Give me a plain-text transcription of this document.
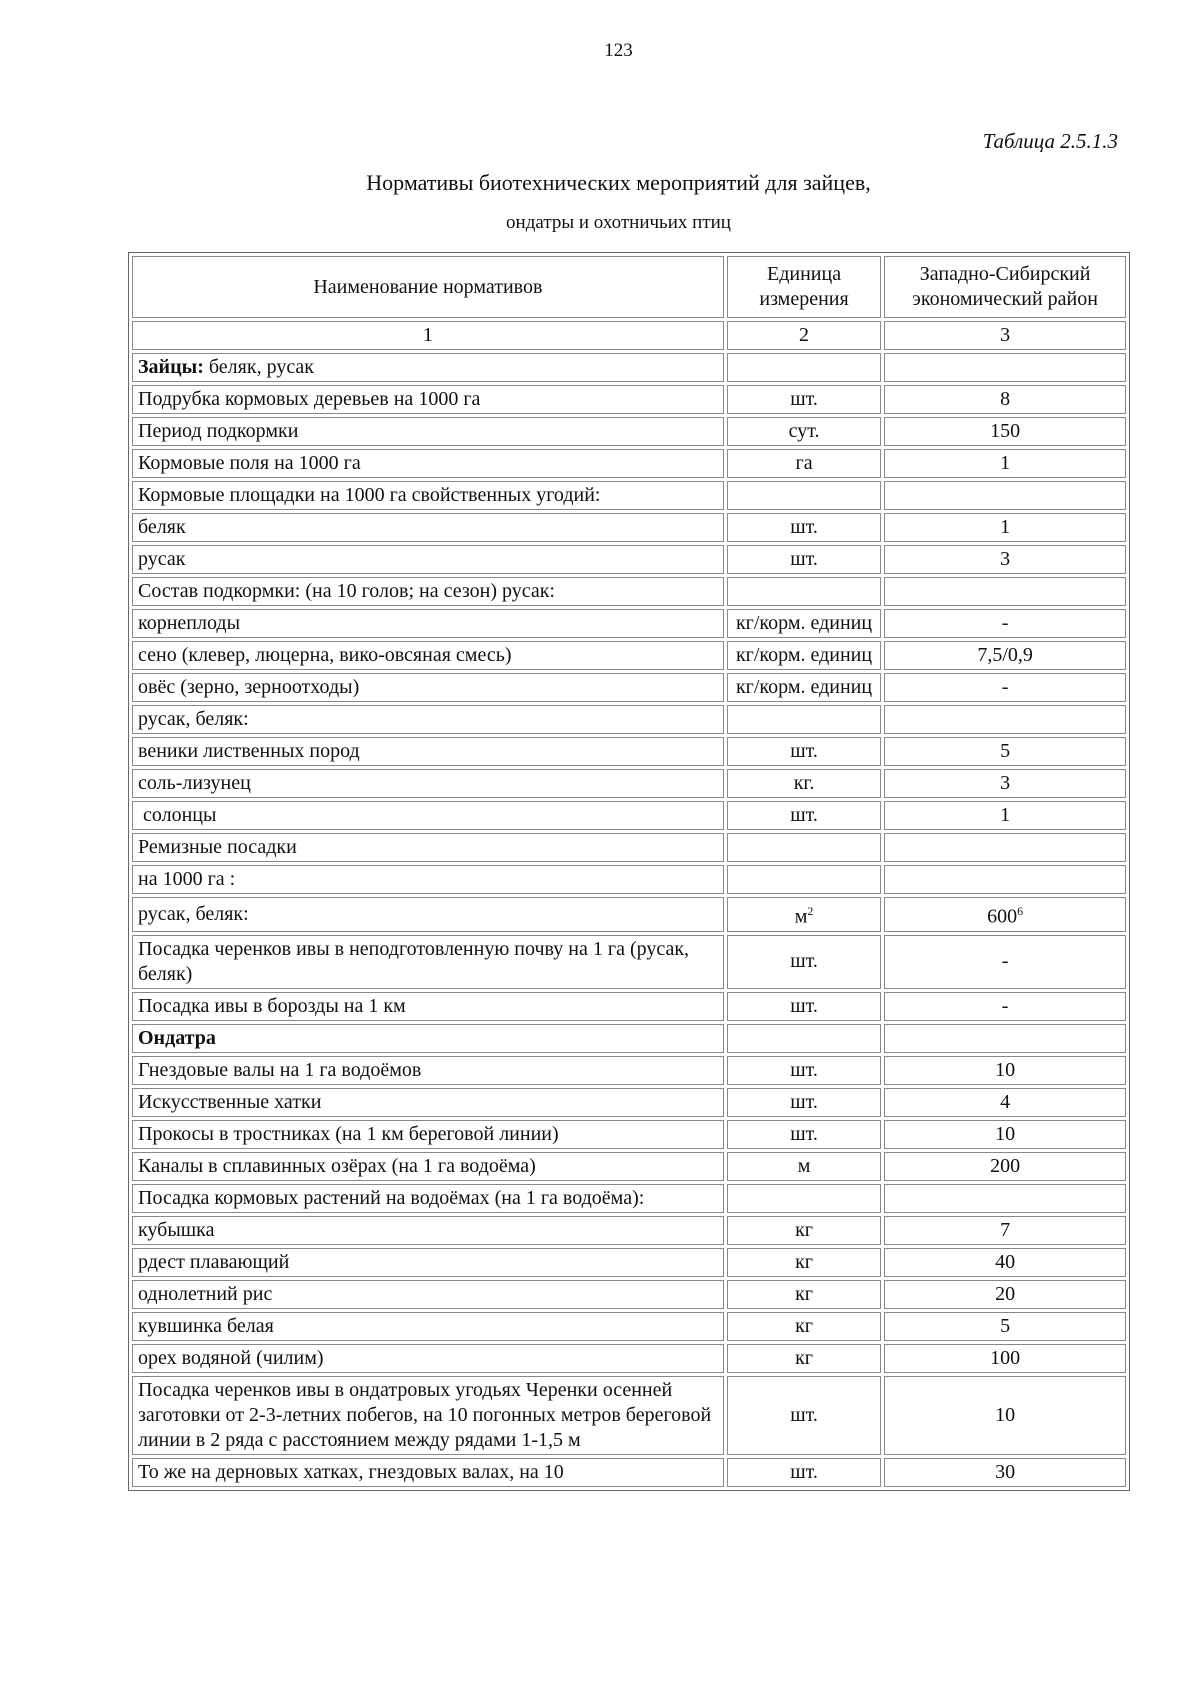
123
Таблица 2.5.1.3
Нормативы биотехнических мероприятий для зайцев,
ондатры и охотничьих птиц
Наименование нормативов	Единица измерения	Западно-Сибирский экономический район
1	2	3
Зайцы: беляк, русак		
Подрубка кормовых деревьев на 1000 га	шт.	8
Период подкормки	сут.	150
Кормовые поля на 1000 га	га	1
Кормовые площадки на 1000 га свойственных угодий:		
беляк	шт.	1
русак	шт.	3
Состав подкормки: (на 10 голов; на сезон) русак:		
корнеплоды	кг/корм. единиц	-
сено (клевер, люцерна, вико-овсяная смесь)	кг/корм. единиц	7,5/0,9
овёс (зерно, зерноотходы)	кг/корм. единиц	-
русак, беляк:		
веники лиственных пород	шт.	5
соль-лизунец	кг.	3
солонцы	шт.	1
Ремизные посадки		
на 1000 га :		
русак, беляк:	$м^2$	$600^6$
Посадка черенков ивы в неподготовленную почву на 1 га (русак, беляк)	шт.	-
Посадка ивы в борозды на 1 км	шт.	-
Ондатра		
Гнездовые валы на 1 га водоёмов	шт.	10
Искусственные хатки	шт.	4
Прокосы в тростниках (на 1 км береговой линии)	шт.	10
Каналы в сплавинных озёрах (на 1 га водоёма)	м	200
Посадка кормовых растений на водоёмах (на 1 га водоёма):		
кубышка	кг	7
рдест плавающий	кг	40
однолетний рис	кг	20
кувшинка белая	кг	5
орех водяной (чилим)	кг	100
Посадка черенков ивы в ондатровых угодьях Черенки осенней заготовки от 2-3-летних побегов, на 10 погонных метров береговой линии в 2 ряда с расстоянием между рядами 1-1,5 м	шт.	10
То же на дерновых хатках, гнездовых валах, на 10	шт.	30
